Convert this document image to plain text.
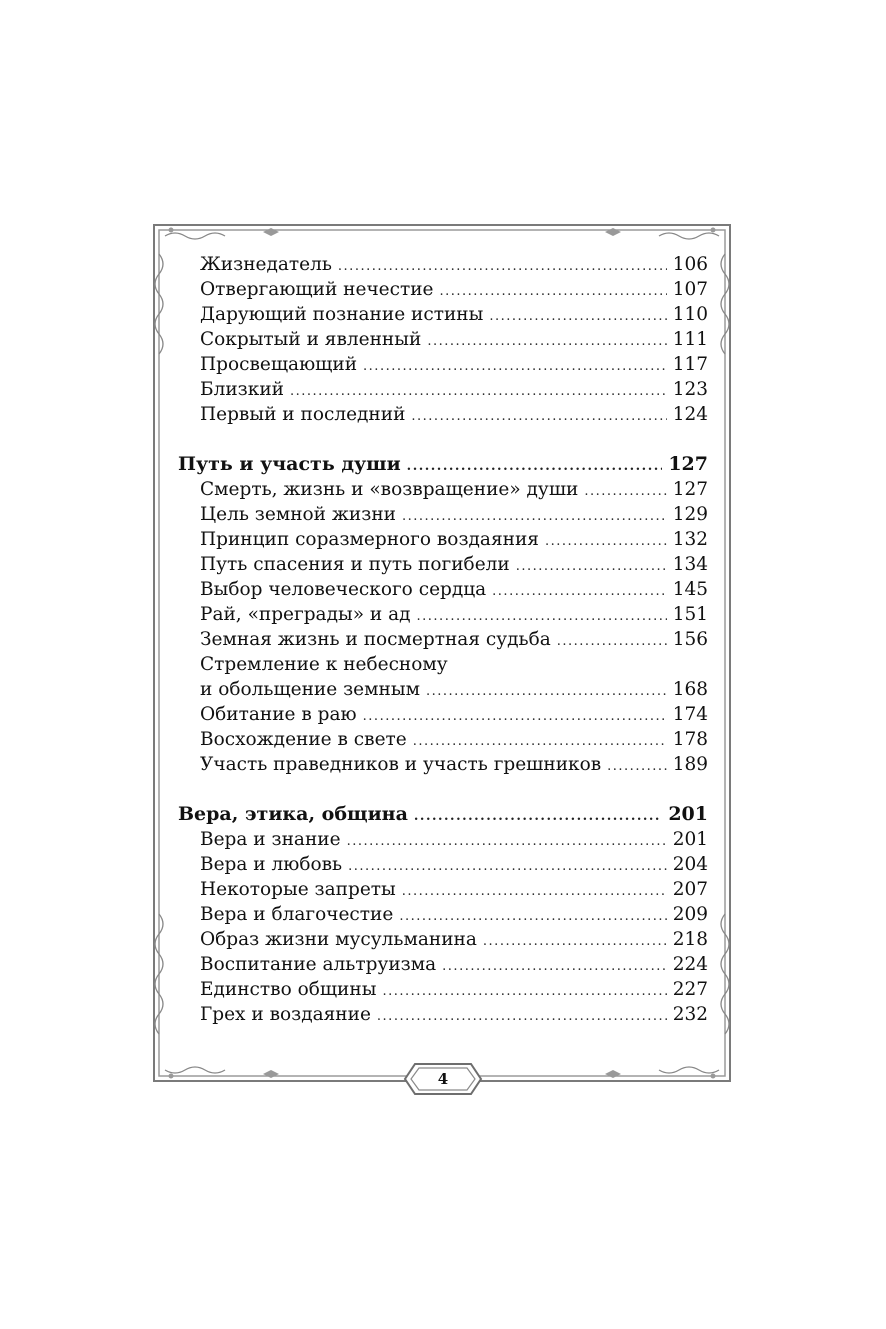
Жизнедатель .....	106
Отвергающий нечестие .....	107
Дарующий познание истины .....	110
Сокрытый и явленный .....	111
Просвещающий .....	117
Близкий .....	123
Первый и последний .....	124
Путь и участь души .....	127
Смерть, жизнь и «возвращение» души .....	127
Цель земной жизни .....	129
Принцип соразмерного воздаяния .....	132
Путь спасения и путь погибели .....	134
Выбор человеческого сердца .....	145
Рай, «преграды» и ад .....	151
Земная жизнь и посмертная судьба .....	156
Стремление к небесному
и обольщение земным .....	168
Обитание в раю .....	174
Восхождение в свете .....	178
Участь праведников и участь грешников .....	189
Вера, этика, община .....	201
Вера и знание .....	201
Вера и любовь .....	204
Некоторые запреты .....	207
Вера и благочестие .....	209
Образ жизни мусульманина .....	218
Воспитание альтруизма .....	224
Единство общины .....	227
Грех и воздаяние .....	232
4
